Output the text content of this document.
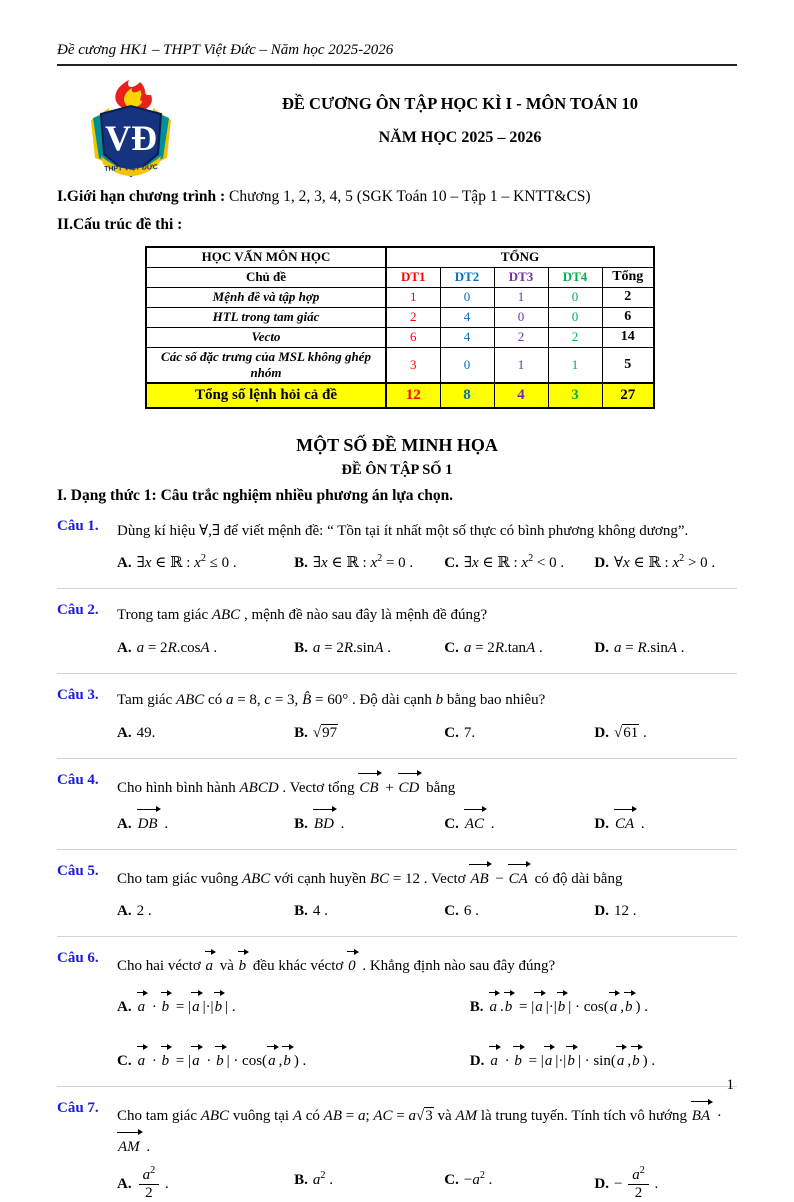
Đề cương HK1 – THPT Việt Đức – Năm học 2025-2026
VĐ
THPT VIỆT ĐỨC
ĐỀ CƯƠNG ÔN TẬP HỌC KÌ I - MÔN TOÁN 10
NĂM HỌC 2025 – 2026

I.Giới hạn chương trình : Chương 1, 2, 3, 4, 5 (SGK Toán 10 – Tập 1 – KNTT&CS)

II.Cấu trúc đề thi :

HỌC VẤN MÔN HỌC	TỔNG				
Chủ đề	DT1	DT2	DT3	DT4	Tổng
Mệnh đề và tập hợp	1	0	1	0	2
HTL trong tam giác	2	4	0	0	6
Vecto	6	4	2	2	14
Các số đặc trưng của MSL không ghép nhóm	3	0	1	1	5
Tổng số lệnh hỏi cả đề	12	8	4	3	27
MỘT SỐ ĐỀ MINH HỌA
ĐỀ ÔN TẬP SỐ 1

I. Dạng thức 1: Câu trắc nghiệm nhiều phương án lựa chọn.

Câu 1.	Dùng kí hiệu ∀,∃ để viết mệnh đề: “ Tồn tại ít nhất một số thực có bình phương không dương”.
A. ∃x ∈ ℝ : $x^2 \le 0$ .	B. ∃x ∈ ℝ : $x^2 = 0$ .	C. ∃x ∈ ℝ : $x^2 < 0$ .	D. ∀x ∈ ℝ : $x^2 > 0$ .
Câu 2.	Trong tam giác ABC , mệnh đề nào sau đây là mệnh đề đúng?
A. a = 2R.cosA .	B. a = 2R.sinA .	C. a = 2R.tanA .	D. a = R.sinA .
Câu 3.	Tam giác ABC có a = 8, c = 3, B̂ = 60° . Độ dài cạnh b bằng bao nhiêu?
A. 49.	B. √97	C. 7.	D. √61 .
Câu 4.	Cho hình bình hành ABCD . Vectơ tổng CB + CD bằng
A. DB .	B. BD .	C. AC .	D. CA .
Câu 5.	Cho tam giác vuông ABC với cạnh huyền BC = 12 . Vectơ AB − CA có độ dài bằng
A. 2 .	B. 4 .	C. 6 .	D. 12 .
Câu 6.	Cho hai véctơ a và b đều khác véctơ 0 . Khẳng định nào sau đây đúng?
A. a · b = |a |·|b | .	B. a .b = |a |·|b | · cos(a ,b ) .
C. a · b = |a · b | · cos(a ,b ) .	D. a · b = |a |·|b | · sin(a ,b ) .
Câu 7.	Cho tam giác ABC vuông tại A có AB = a; AC = a√3 và AM là trung tuyến. Tính tích vô hướng BA · AM .
A. $\frac{a^2}{2}$ .	B. $a^2$ .	C. $-a^2$ .	D. − $\frac{a^2}{2}$ .
1
